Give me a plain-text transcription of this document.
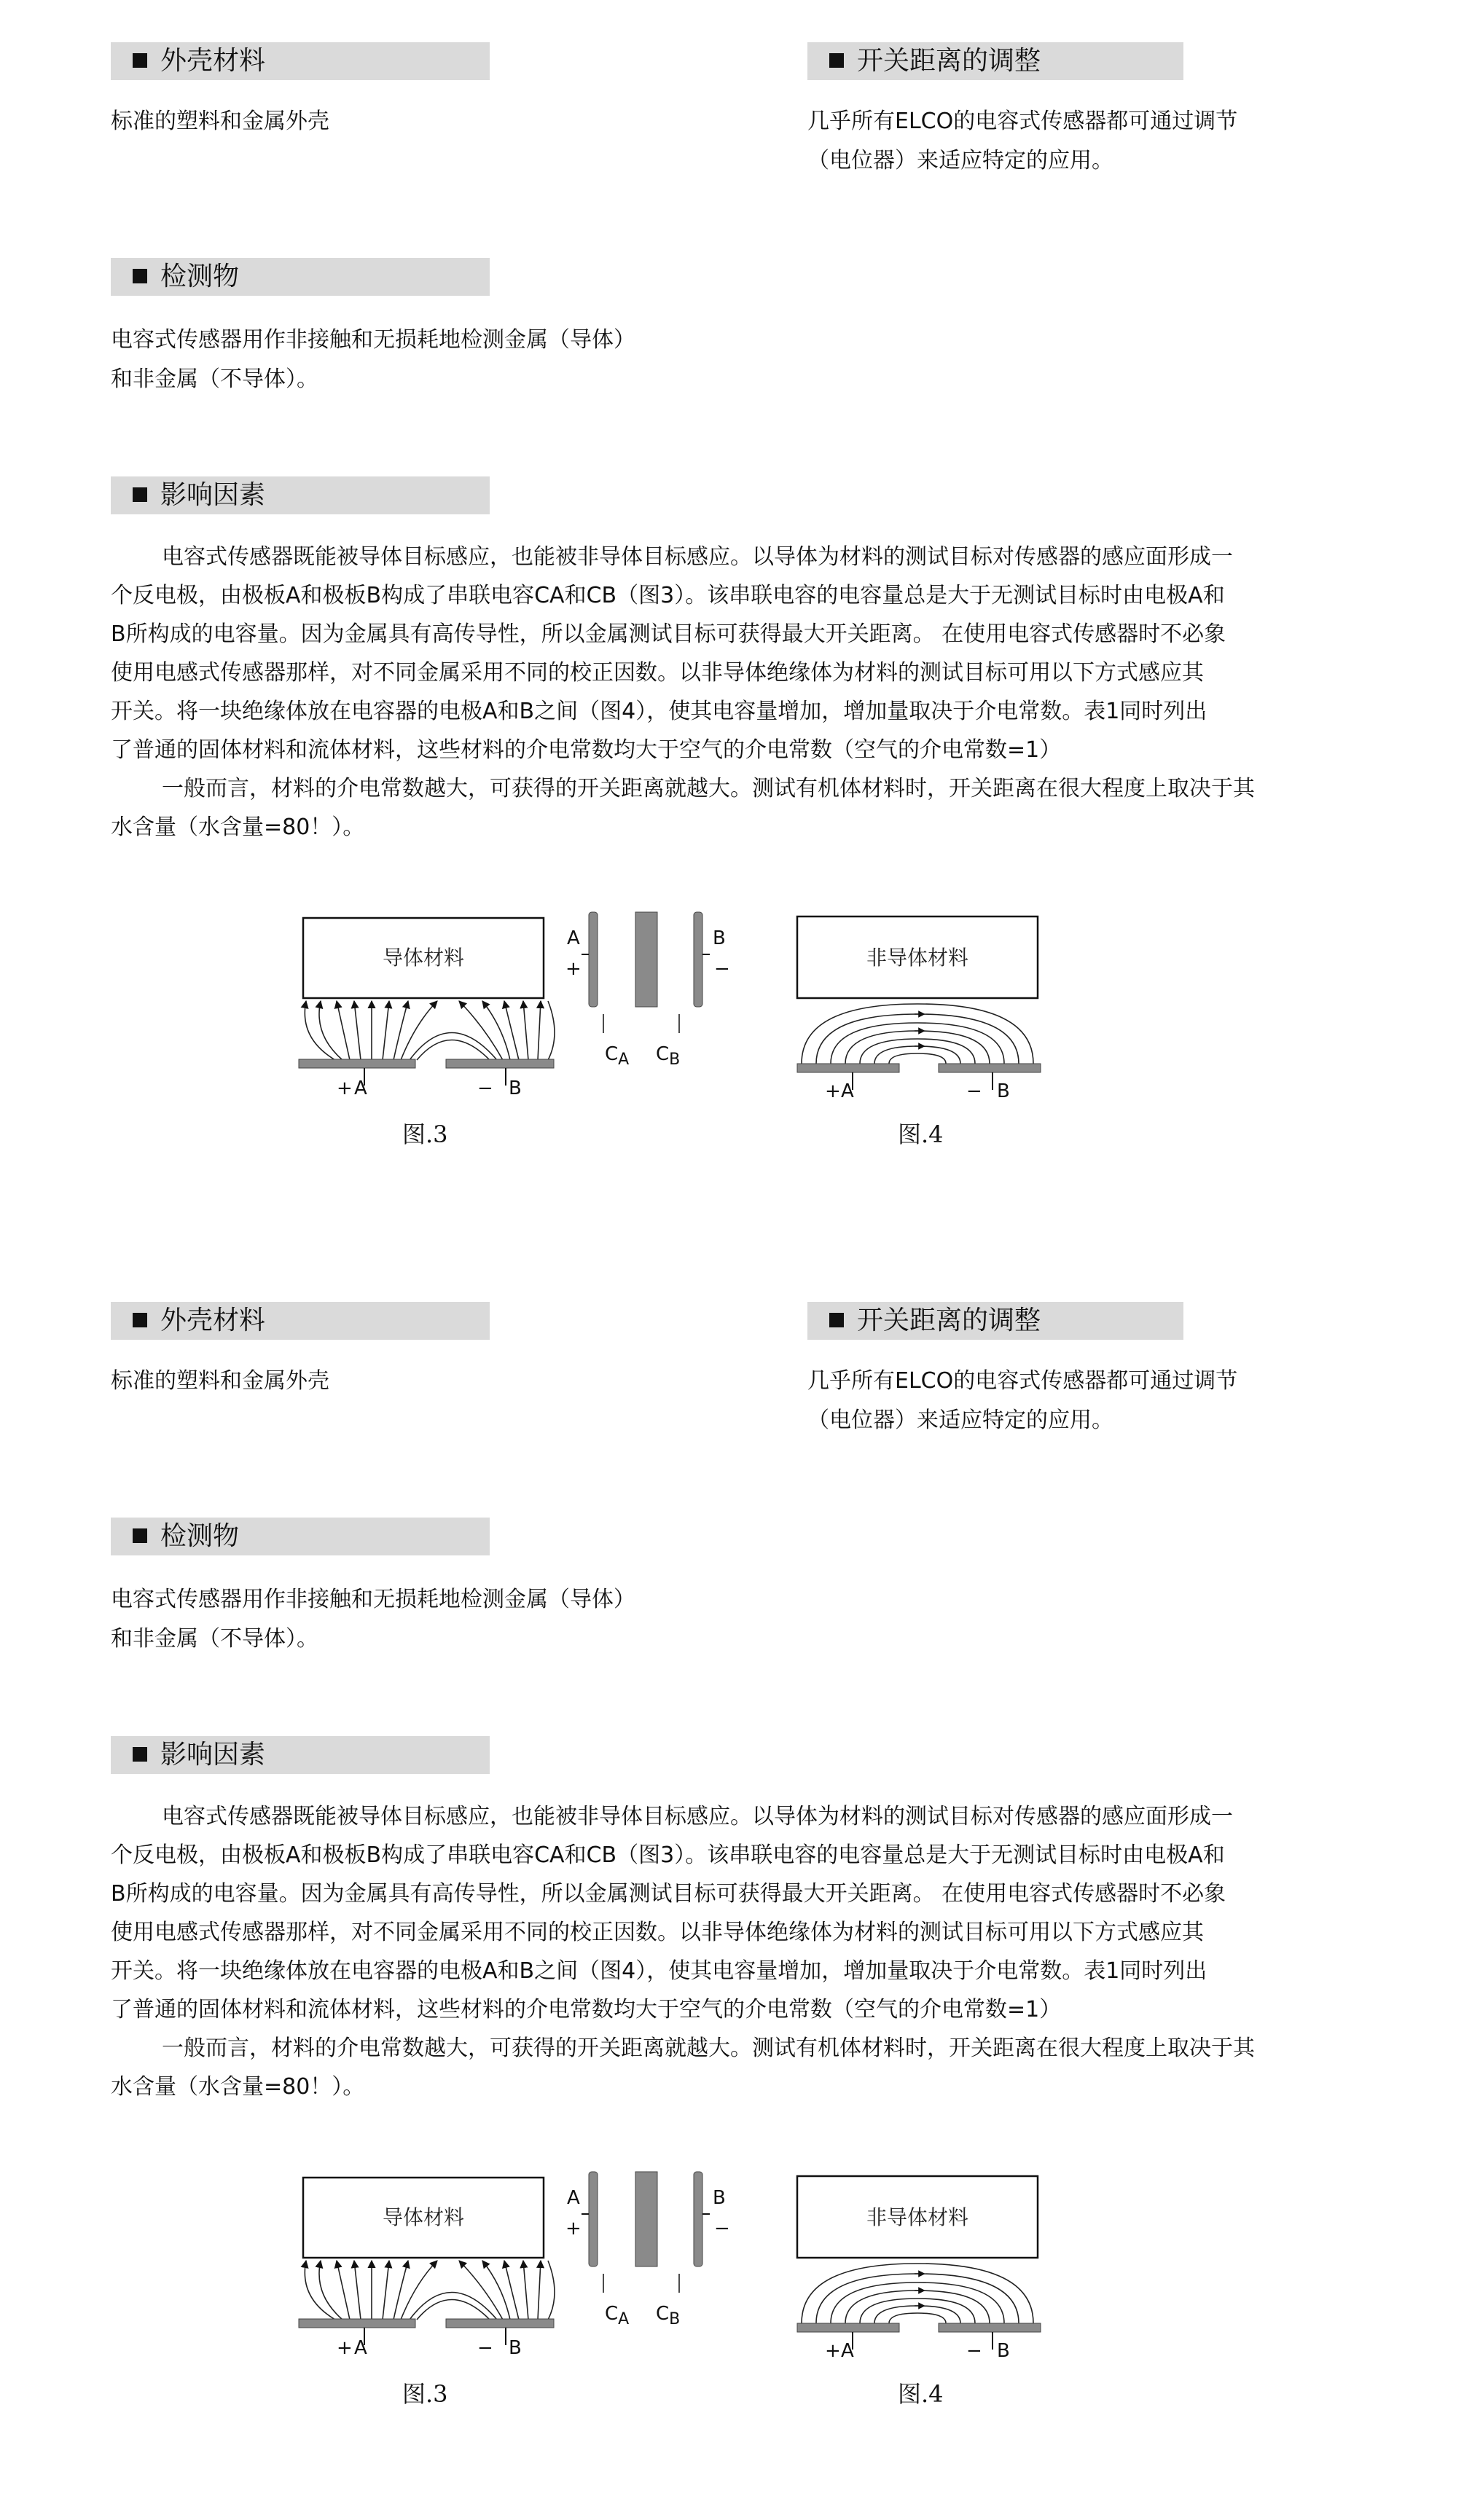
外壳材料
标准的塑料和金属外壳
开关距离的调整
几乎所有ELCO的电容式传感器都可通过调节
（电位器）来适应特定的应用。
检测物
电容式传感器用作非接触和无损耗地检测金属（导体）
和非金属（不导体）。
影响因素

电容式传感器既能被导体目标感应，也能被非导体目标感应。以导体为材料的测试目标对传感器的感应面形成一

个反电极，由极板A和极板B构成了串联电容CA和CB（图3）。该串联电容的电容量总是大于无测试目标时由电极A和

B所构成的电容量。因为金属具有高传导性，所以金属测试目标可获得最大开关距离。 在使用电容式传感器时不必象

使用电感式传感器那样，对不同金属采用不同的校正因数。以非导体绝缘体为材料的测试目标可用以下方式感应其

开关。将一块绝缘体放在电容器的电极A和B之间（图4），使其电容量增加，增加量取决于介电常数。表1同时列出

了普通的固体材料和流体材料，这些材料的介电常数均大于空气的介电常数（空气的介电常数=1）

一般而言，材料的介电常数越大，可获得的开关距离就越大。测试有机体材料时，开关距离在很大程度上取决于其

水含量（水含量=80！）。

导体材料
+ A	− B
A
+
B
−
$C_A$ $C_B$
图.3
非导体材料
+ A	− B
图.4
外壳材料
标准的塑料和金属外壳
开关距离的调整
几乎所有ELCO的电容式传感器都可通过调节
（电位器）来适应特定的应用。
检测物
电容式传感器用作非接触和无损耗地检测金属（导体）
和非金属（不导体）。
影响因素

电容式传感器既能被导体目标感应，也能被非导体目标感应。以导体为材料的测试目标对传感器的感应面形成一

个反电极，由极板A和极板B构成了串联电容CA和CB（图3）。该串联电容的电容量总是大于无测试目标时由电极A和

B所构成的电容量。因为金属具有高传导性，所以金属测试目标可获得最大开关距离。 在使用电容式传感器时不必象

使用电感式传感器那样，对不同金属采用不同的校正因数。以非导体绝缘体为材料的测试目标可用以下方式感应其

开关。将一块绝缘体放在电容器的电极A和B之间（图4），使其电容量增加，增加量取决于介电常数。表1同时列出

了普通的固体材料和流体材料，这些材料的介电常数均大于空气的介电常数（空气的介电常数=1）

一般而言，材料的介电常数越大，可获得的开关距离就越大。测试有机体材料时，开关距离在很大程度上取决于其

水含量（水含量=80！）。

导体材料
+ A	− B
A
+
B
−
$C_A$ $C_B$
图.3
非导体材料
+ A	− B
图.4
